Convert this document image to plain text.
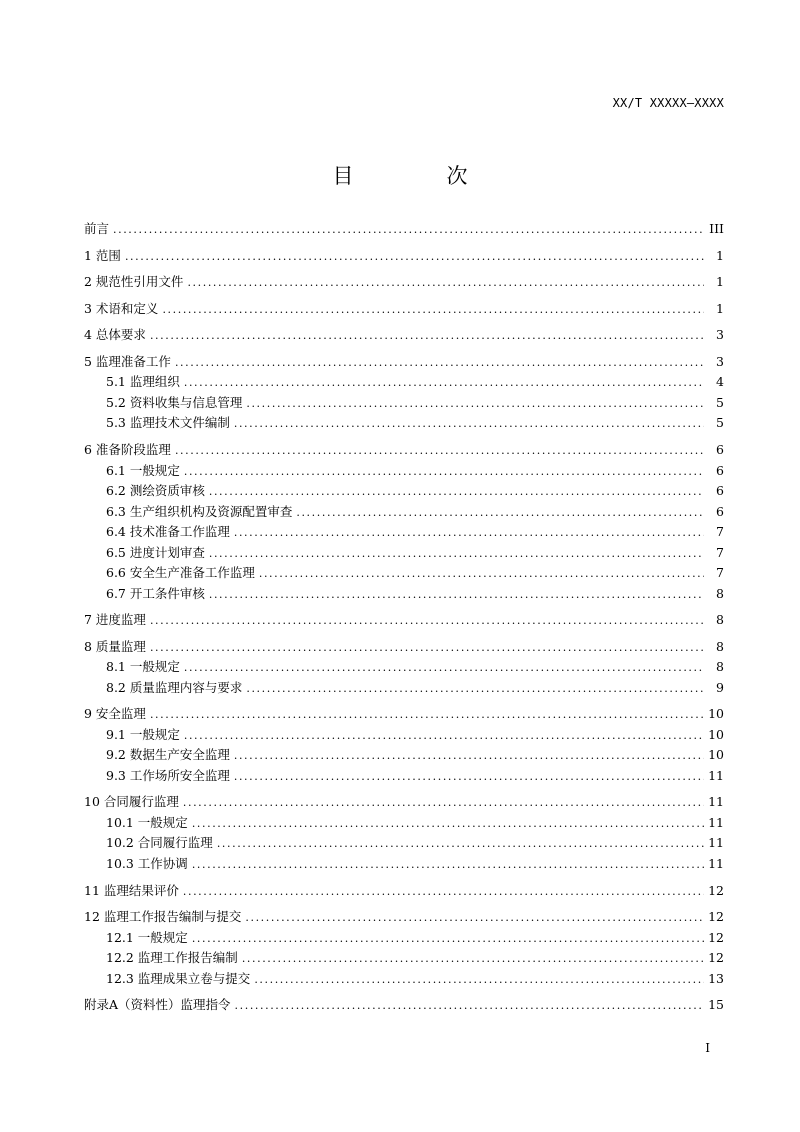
XX/T XXXXX—XXXX
目　次
前言 .....	III
1 范围 .....	1
2 规范性引用文件 .....	1
3 术语和定义 .....	1
4 总体要求 .....	3
5 监理准备工作 .....	3
5.1 监理组织 .....	4
5.2 资料收集与信息管理 .....	5
5.3 监理技术文件编制 .....	5
6 准备阶段监理 .....	6
6.1 一般规定 .....	6
6.2 测绘资质审核 .....	6
6.3 生产组织机构及资源配置审查 .....	6
6.4 技术准备工作监理 .....	7
6.5 进度计划审查 .....	7
6.6 安全生产准备工作监理 .....	7
6.7 开工条件审核 .....	8
7 进度监理 .....	8
8 质量监理 .....	8
8.1 一般规定 .....	8
8.2 质量监理内容与要求 .....	9
9 安全监理 .....	10
9.1 一般规定 .....	10
9.2 数据生产安全监理 .....	10
9.3 工作场所安全监理 .....	11
10 合同履行监理 .....	11
10.1 一般规定 .....	11
10.2 合同履行监理 .....	11
10.3 工作协调 .....	11
11 监理结果评价 .....	12
12 监理工作报告编制与提交 .....	12
12.1 一般规定 .....	12
12.2 监理工作报告编制 .....	12
12.3 监理成果立卷与提交 .....	13
附录A（资料性）监理指令 .....	15
I
